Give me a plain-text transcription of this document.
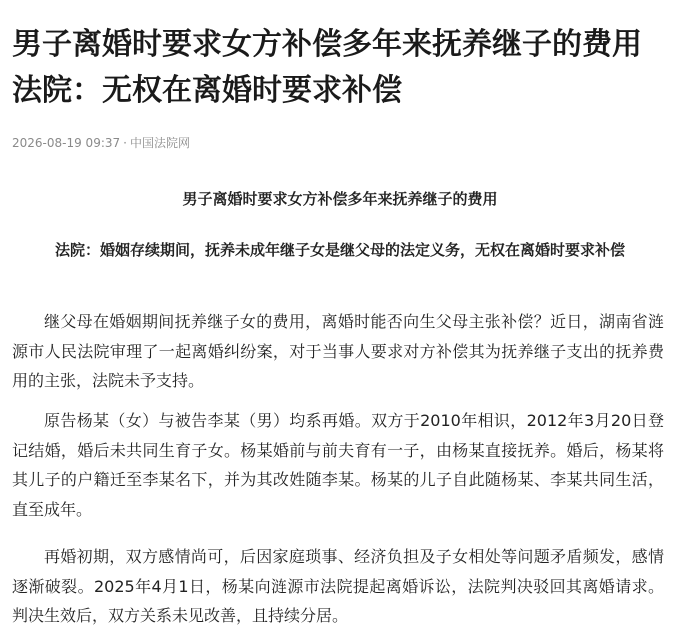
男子离婚时要求女方补偿多年来抚养继子的费用 法院：无权在离婚时要求补偿
2026-08-19 09:37 · 中国法院网

男子离婚时要求女方补偿多年来抚养继子的费用

法院：婚姻存续期间，抚养未成年继子女是继父母的法定义务，无权在离婚时要求补偿

继父母在婚姻期间抚养继子女的费用，离婚时能否向生父母主张补偿？近日，湖南省涟源市人民法院审理了一起离婚纠纷案，对于当事人要求对方补偿其为抚养继子支出的抚养费用的主张，法院未予支持。

原告杨某（女）与被告李某（男）均系再婚。双方于2010年相识，2012年3月20日登记结婚，婚后未共同生育子女。杨某婚前与前夫育有一子，由杨某直接抚养。婚后，杨某将其儿子的户籍迁至李某名下，并为其改姓随李某。杨某的儿子自此随杨某、李某共同生活，直至成年。

再婚初期，双方感情尚可，后因家庭琐事、经济负担及子女相处等问题矛盾频发，感情逐渐破裂。2025年4月1日，杨某向涟源市法院提起离婚诉讼，法院判决驳回其离婚请求。判决生效后，双方关系未见改善，且持续分居。
